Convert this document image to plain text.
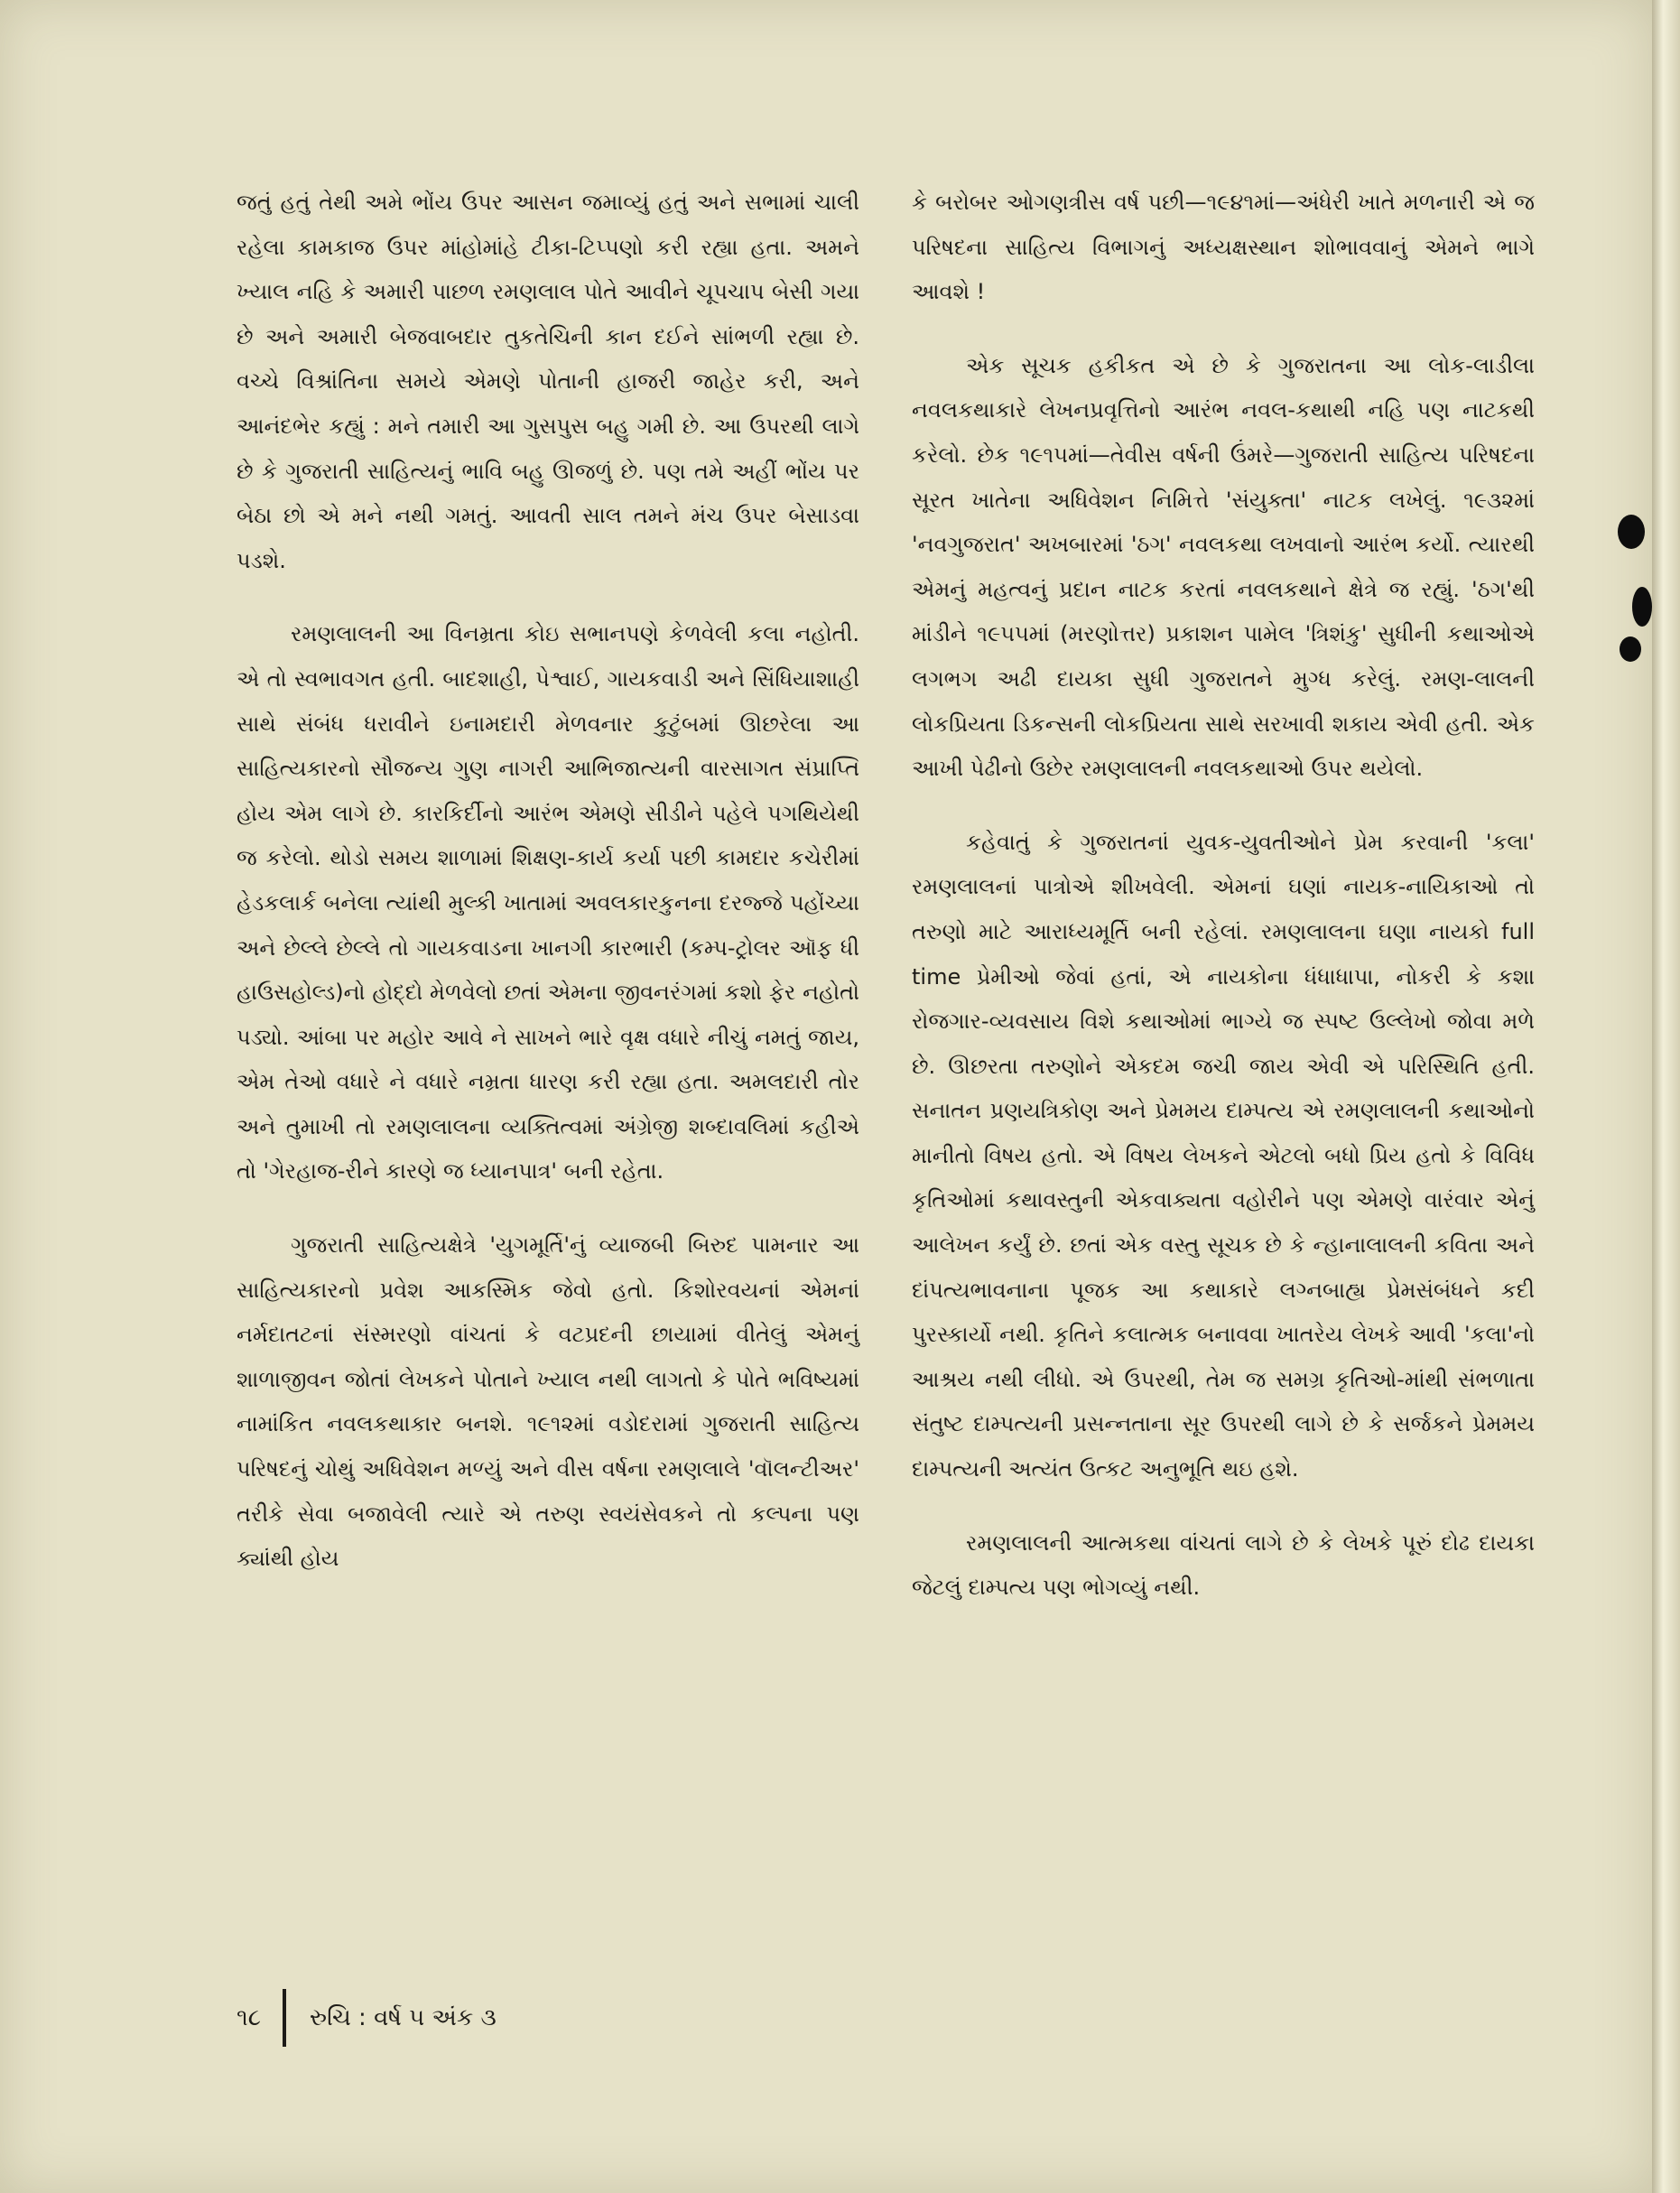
જતું હતું તેથી અમે ભોંય ઉપર આસન જમાવ્યું હતું અને સભામાં ચાલી રહેલા કામકાજ ઉપર માંહોમાંહે ટીકા-ટિપ્પણો કરી રહ્યા હતા. અમને ખ્યાલ નહિ કે અમારી પાછળ રમણલાલ પોતે આવીને ચૂપચાપ બેસી ગયા છે અને અમારી બેજવાબદાર તુકતેચિની કાન દઈને સાંભળી રહ્યા છે. વચ્ચે વિશ્રાંતિના સમયે એમણે પોતાની હાજરી જાહેર કરી, અને આનંદભેર કહ્યું : મને તમારી આ ગુસપુસ બહુ ગમી છે. આ ઉપરથી લાગે છે કે ગુજરાતી સાહિત્યનું ભાવિ બહુ ઊજળું છે. પણ તમે અહીં ભોંય પર બેઠા છો એ મને નથી ગમતું. આવતી સાલ તમને મંચ ઉપર બેસાડવા પડશે.

રમણલાલની આ વિનમ્રતા કોઇ સભાનપણે કેળવેલી કલા નહોતી. એ તો સ્વભાવગત હતી. બાદશાહી, પેશ્વાઈ, ગાયકવાડી અને સિંધિયાશાહી સાથે સંબંધ ધરાવીને ઇનામદારી મેળવનાર કુટુંબમાં ઊછરેલા આ સાહિત્યકારનો સૌજન્ય ગુણ નાગરી આભિજાત્યની વારસાગત સંપ્રાપ્તિ હોય એમ લાગે છે. કારકિર્દીનો આરંભ એમણે સીડીને પહેલે પગથિયેથી જ કરેલો. થોડો સમય શાળામાં શિક્ષણ-કાર્ય કર્યા પછી કામદાર કચેરીમાં હેડકલાર્ક બનેલા ત્યાંથી મુલ્કી ખાતામાં અવલકારકુનના દરજ્જે પહોંચ્યા અને છેલ્લે છેલ્લે તો ગાયકવાડના ખાનગી કારભારી (કમ્પ-ટ્રોલર ઑફ ધી હાઉસહોલ્ડ)નો હોદ્દો મેળવેલો છતાં એમના જીવનરંગમાં કશો ફેર નહોતો પડ્યો. આંબા પર મહોર આવે ને સાખને ભારે વૃક્ષ વધારે નીચું નમતું જાય, એમ તેઓ વધારે ને વધારે નમ્રતા ધારણ કરી રહ્યા હતા. અમલદારી તોર અને તુમાખી તો રમણલાલના વ્યક્તિત્વમાં અંગ્રેજી શબ્દાવલિમાં કહીએ તો 'ગેરહાજ-રીને કારણે જ ધ્યાનપાત્ર' બની રહેતા.

ગુજરાતી સાહિત્યક્ષેત્રે 'યુગમૂર્તિ'નું વ્યાજબી બિરુદ પામનાર આ સાહિત્યકારનો પ્રવેશ આકસ્મિક જેવો હતો. કિશોરવયનાં એમનાં નર્મદાતટનાં સંસ્મરણો વાંચતાં કે વટપ્રદની છાયામાં વીતેલું એમનું શાળાજીવન જોતાં લેખકને પોતાને ખ્યાલ નથી લાગતો કે પોતે ભવિષ્યમાં નામાંકિત નવલકથાકાર બનશે. ૧૯૧૨માં વડોદરામાં ગુજરાતી સાહિત્ય પરિષદનું ચોથું અધિવેશન મળ્યું અને વીસ વર્ષના રમણલાલે 'વૉલન્ટીઅર' તરીકે સેવા બજાવેલી ત્યારે એ તરુણ સ્વયંસેવકને તો કલ્પના પણ ક્યાંથી હોય

કે બરોબર ઓગણત્રીસ વર્ષ પછી—૧૯૪૧માં—અંધેરી ખાતે મળનારી એ જ પરિષદના સાહિત્ય વિભાગનું અધ્યક્ષસ્થાન શોભાવવાનું એમને ભાગે આવશે !

એક સૂચક હકીકત એ છે કે ગુજરાતના આ લોક-લાડીલા નવલકથાકારે લેખનપ્રવૃત્તિનો આરંભ નવલ-કથાથી નહિ પણ નાટકથી કરેલો. છેક ૧૯૧૫માં—તેવીસ વર્ષની ઉંમરે—ગુજરાતી સાહિત્ય પરિષદના સૂરત ખાતેના અધિવેશન નિમિત્તે 'સંયુક્તા' નાટક લખેલું. ૧૯૩૨માં 'નવગુજરાત' અખબારમાં 'ઠગ' નવલકથા લખવાનો આરંભ કર્યો. ત્યારથી એમનું મહત્વનું પ્રદાન નાટક કરતાં નવલકથાને ક્ષેત્રે જ રહ્યું. 'ઠગ'થી માંડીને ૧૯૫૫માં (મરણોત્તર) પ્રકાશન પામેલ 'ત્રિશંકુ' સુધીની કથાઓએ લગભગ અઢી દાયકા સુધી ગુજરાતને મુગ્ધ કરેલું. રમણ-લાલની લોકપ્રિયતા ડિકન્સની લોકપ્રિયતા સાથે સરખાવી શકાય એવી હતી. એક આખી પેઢીનો ઉછેર રમણલાલની નવલકથાઓ ઉપર થયેલો.

કહેવાતું કે ગુજરાતનાં યુવક-યુવતીઓને પ્રેમ કરવાની 'કલા' રમણલાલનાં પાત્રોએ શીખવેલી. એમનાં ઘણાં નાયક-નાયિકાઓ તો તરુણો માટે આરાધ્યમૂર્તિ બની રહેલાં. રમણલાલના ઘણા નાયકો full time પ્રેમીઓ જેવાં હતાં, એ નાયકોના ધંધાધાપા, નોકરી કે કશા રોજગાર-વ્યવસાય વિશે કથાઓમાં ભાગ્યે જ સ્પષ્ટ ઉલ્લેખો જોવા મળે છે. ઊછરતા તરુણોને એકદમ જચી જાય એવી એ પરિસ્થિતિ હતી. સનાતન પ્રણયત્રિકોણ અને પ્રેમમય દામ્પત્ય એ રમણલાલની કથાઓનો માનીતો વિષય હતો. એ વિષય લેખકને એટલો બધો પ્રિય હતો કે વિવિધ કૃતિઓમાં કથાવસ્તુની એકવાક્યતા વહોરીને પણ એમણે વારંવાર એનું આલેખન કર્યું છે. છતાં એક વસ્તુ સૂચક છે કે ન્હાનાલાલની કવિતા અને દાંપત્યભાવનાના પૂજક આ કથાકારે લગ્નબાહ્ય પ્રેમસંબંધને કદી પુરસ્કાર્યો નથી. કૃતિને કલાત્મક બનાવવા ખાતરેય લેખકે આવી 'કલા'નો આશ્રય નથી લીધો. એ ઉપરથી, તેમ જ સમગ્ર કૃતિઓ-માંથી સંભળાતા સંતુષ્ટ દામ્પત્યની પ્રસન્નતાના સૂર ઉપરથી લાગે છે કે સર્જકને પ્રેમમય દામ્પત્યની અત્યંત ઉત્કટ અનુભૂતિ થઇ હશે.

રમણલાલની આત્મકથા વાંચતાં લાગે છે કે લેખકે પૂરું દોઢ દાયકા જેટલું દામ્પત્ય પણ ભોગવ્યું નથી.

૧૮ રુચિ : વર્ષ ૫ અંક ૩
